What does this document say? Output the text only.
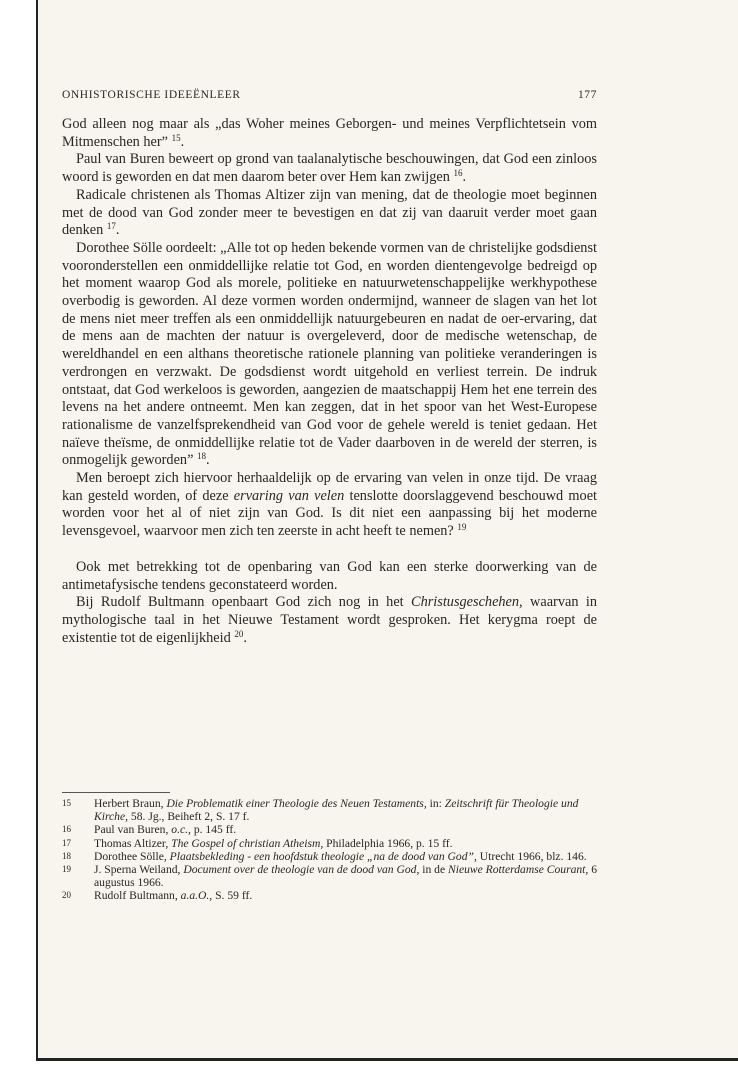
ONHISTORISCHE IDEEËNLEER	177

God alleen nog maar als „das Woher meines Geborgen- und meines Verpflichtetsein vom Mitmenschen her” $^{15}$.

Paul van Buren beweert op grond van taalanalytische beschouwingen, dat God een zinloos woord is geworden en dat men daarom beter over Hem kan zwijgen $^{16}$.

Radicale christenen als Thomas Altizer zijn van mening, dat de theologie moet beginnen met de dood van God zonder meer te bevestigen en dat zij van daaruit verder moet gaan denken $^{17}$.

Dorothee Sölle oordeelt: „Alle tot op heden bekende vormen van de christelijke godsdienst vooronderstellen een onmiddellijke relatie tot God, en worden dientengevolge bedreigd op het moment waarop God als morele, politieke en natuurwetenschappelijke werkhypothese overbodig is geworden. Al deze vormen worden ondermijnd, wanneer de slagen van het lot de mens niet meer treffen als een onmiddellijk natuurgebeuren en nadat de oer-ervaring, dat de mens aan de machten der natuur is overgeleverd, door de medische wetenschap, de wereldhandel en een althans theoretische rationele planning van politieke veranderingen is verdrongen en verzwakt. De godsdienst wordt uitgehold en verliest terrein. De indruk ontstaat, dat God werkeloos is geworden, aangezien de maatschappij Hem het ene terrein des levens na het andere ontneemt. Men kan zeggen, dat in het spoor van het West-Europese rationalisme de vanzelfsprekendheid van God voor de gehele wereld is teniet gedaan. Het naïeve theïsme, de onmiddellijke relatie tot de Vader daarboven in de wereld der sterren, is onmogelijk geworden” $^{18}$.

Men beroept zich hiervoor herhaaldelijk op de ervaring van velen in onze tijd. De vraag kan gesteld worden, of deze ervaring van velen tenslotte doorslaggevend beschouwd moet worden voor het al of niet zijn van God. Is dit niet een aanpassing bij het moderne levensgevoel, waarvoor men zich ten zeerste in acht heeft te nemen? $^{19}$

Ook met betrekking tot de openbaring van God kan een sterke doorwerking van de antimetafysische tendens geconstateerd worden.

Bij Rudolf Bultmann openbaart God zich nog in het Christusgeschehen, waarvan in mythologische taal in het Nieuwe Testament wordt gesproken. Het kerygma roept de existentie tot de eigenlijkheid $^{20}$.

15 Herbert Braun, Die Problematik einer Theologie des Neuen Testaments, in: Zeitschrift für Theologie und Kirche, 58. Jg., Beiheft 2, S. 17 f.
16 Paul van Buren, o.c., p. 145 ff.
17 Thomas Altizer, The Gospel of christian Atheism, Philadelphia 1966, p. 15 ff.
18 Dorothee Sölle, Plaatsbekleding - een hoofdstuk theologie „na de dood van God”, Utrecht 1966, blz. 146.
19 J. Sperna Weiland, Document over de theologie van de dood van God, in de Nieuwe Rotterdamse Courant, 6 augustus 1966.
20 Rudolf Bultmann, a.a.O., S. 59 ff.
